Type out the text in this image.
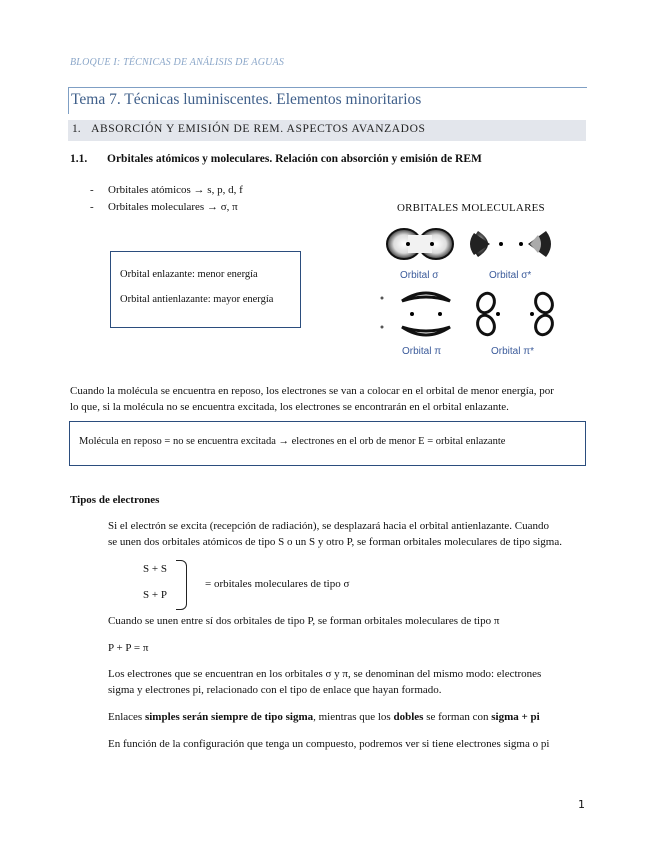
BLOQUE I: TÉCNICAS DE ANÁLISIS DE AGUAS
Tema 7. Técnicas luminiscentes. Elementos minoritarios
1. ABSORCIÓN Y EMISIÓN DE REM. ASPECTOS AVANZADOS
1.1. Orbitales atómicos y moleculares. Relación con absorción y emisión de REM
- Orbitales atómicos → s, p, d, f
- Orbitales moleculares → σ, π	ORBITALES MOLECULARES
Orbital σ	Orbital σ*
Orbital π	Orbital π*
Orbital enlazante: menor energía
Orbital antienlazante: mayor energía
Cuando la molécula se encuentra en reposo, los electrones se van a colocar en el orbital de menor energía, por
lo que, si la molécula no se encuentra excitada, los electrones se encontrarán en el orbital enlazante.
Molécula en reposo = no se encuentra excitada → electrones en el orb de menor E = orbital enlazante
Tipos de electrones
Si el electrón se excita (recepción de radiación), se desplazará hacia el orbital antienlazante. Cuando
se unen dos orbitales atómicos de tipo S o un S y otro P, se forman orbitales moleculares de tipo sigma.
S + S
S + P
= orbitales moleculares de tipo σ
Cuando se unen entre sí dos orbitales de tipo P, se forman orbitales moleculares de tipo π
P + P = π
Los electrones que se encuentran en los orbitales σ y π, se denominan del mismo modo: electrones
sigma y electrones pi, relacionado con el tipo de enlace que hayan formado.
Enlaces simples serán siempre de tipo sigma, mientras que los dobles se forman con sigma + pi
En función de la configuración que tenga un compuesto, podremos ver si tiene electrones sigma o pi
1
